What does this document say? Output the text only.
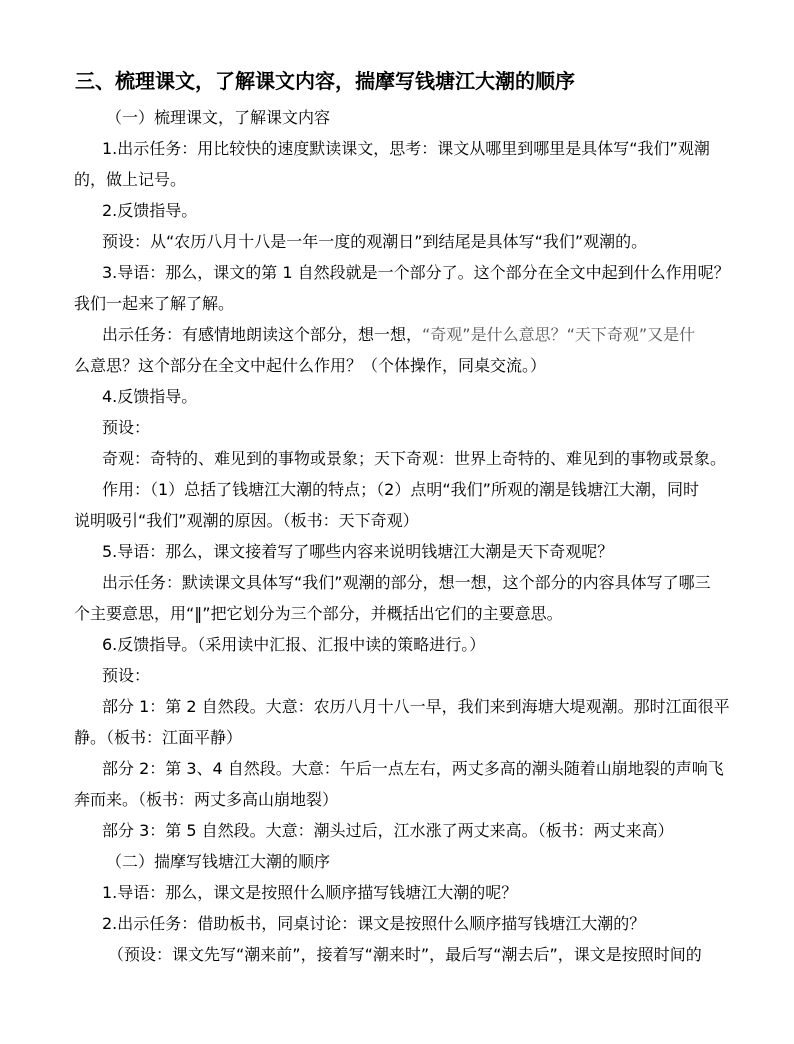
三、梳理课文，了解课文内容，揣摩写钱塘江大潮的顺序

（一）梳理课文，了解课文内容

1.出示任务：用比较快的速度默读课文，思考：课文从哪里到哪里是具体写“我们”观潮

的，做上记号。

2.反馈指导。

预设：从“农历八月十八是一年一度的观潮日”到结尾是具体写“我们”观潮的。

3.导语：那么，课文的第 1 自然段就是一个部分了。这个部分在全文中起到什么作用呢？

我们一起来了解了解。

出示任务：有感情地朗读这个部分，想一想，“奇观”是什么意思？“天下奇观”又是什

么意思？这个部分在全文中起什么作用？（个体操作，同桌交流。）

4.反馈指导。

预设：

奇观：奇特的、难见到的事物或景象；天下奇观：世界上奇特的、难见到的事物或景象。

作用：（1）总括了钱塘江大潮的特点；（2）点明“我们”所观的潮是钱塘江大潮，同时

说明吸引“我们”观潮的原因。（板书：天下奇观）

5.导语：那么，课文接着写了哪些内容来说明钱塘江大潮是天下奇观呢？

出示任务：默读课文具体写“我们”观潮的部分，想一想，这个部分的内容具体写了哪三

个主要意思，用“‖”把它划分为三个部分，并概括出它们的主要意思。

6.反馈指导。（采用读中汇报、汇报中读的策略进行。）

预设：

部分 1：第 2 自然段。大意：农历八月十八一早，我们来到海塘大堤观潮。那时江面很平

静。（板书：江面平静）

部分 2：第 3、4 自然段。大意：午后一点左右，两丈多高的潮头随着山崩地裂的声响飞

奔而来。（板书：两丈多高山崩地裂）

部分 3：第 5 自然段。大意：潮头过后，江水涨了两丈来高。（板书：两丈来高）

（二）揣摩写钱塘江大潮的顺序

1.导语：那么，课文是按照什么顺序描写钱塘江大潮的呢？

2.出示任务：借助板书，同桌讨论：课文是按照什么顺序描写钱塘江大潮的？

（预设：课文先写“潮来前”，接着写“潮来时”，最后写“潮去后”，课文是按照时间的
